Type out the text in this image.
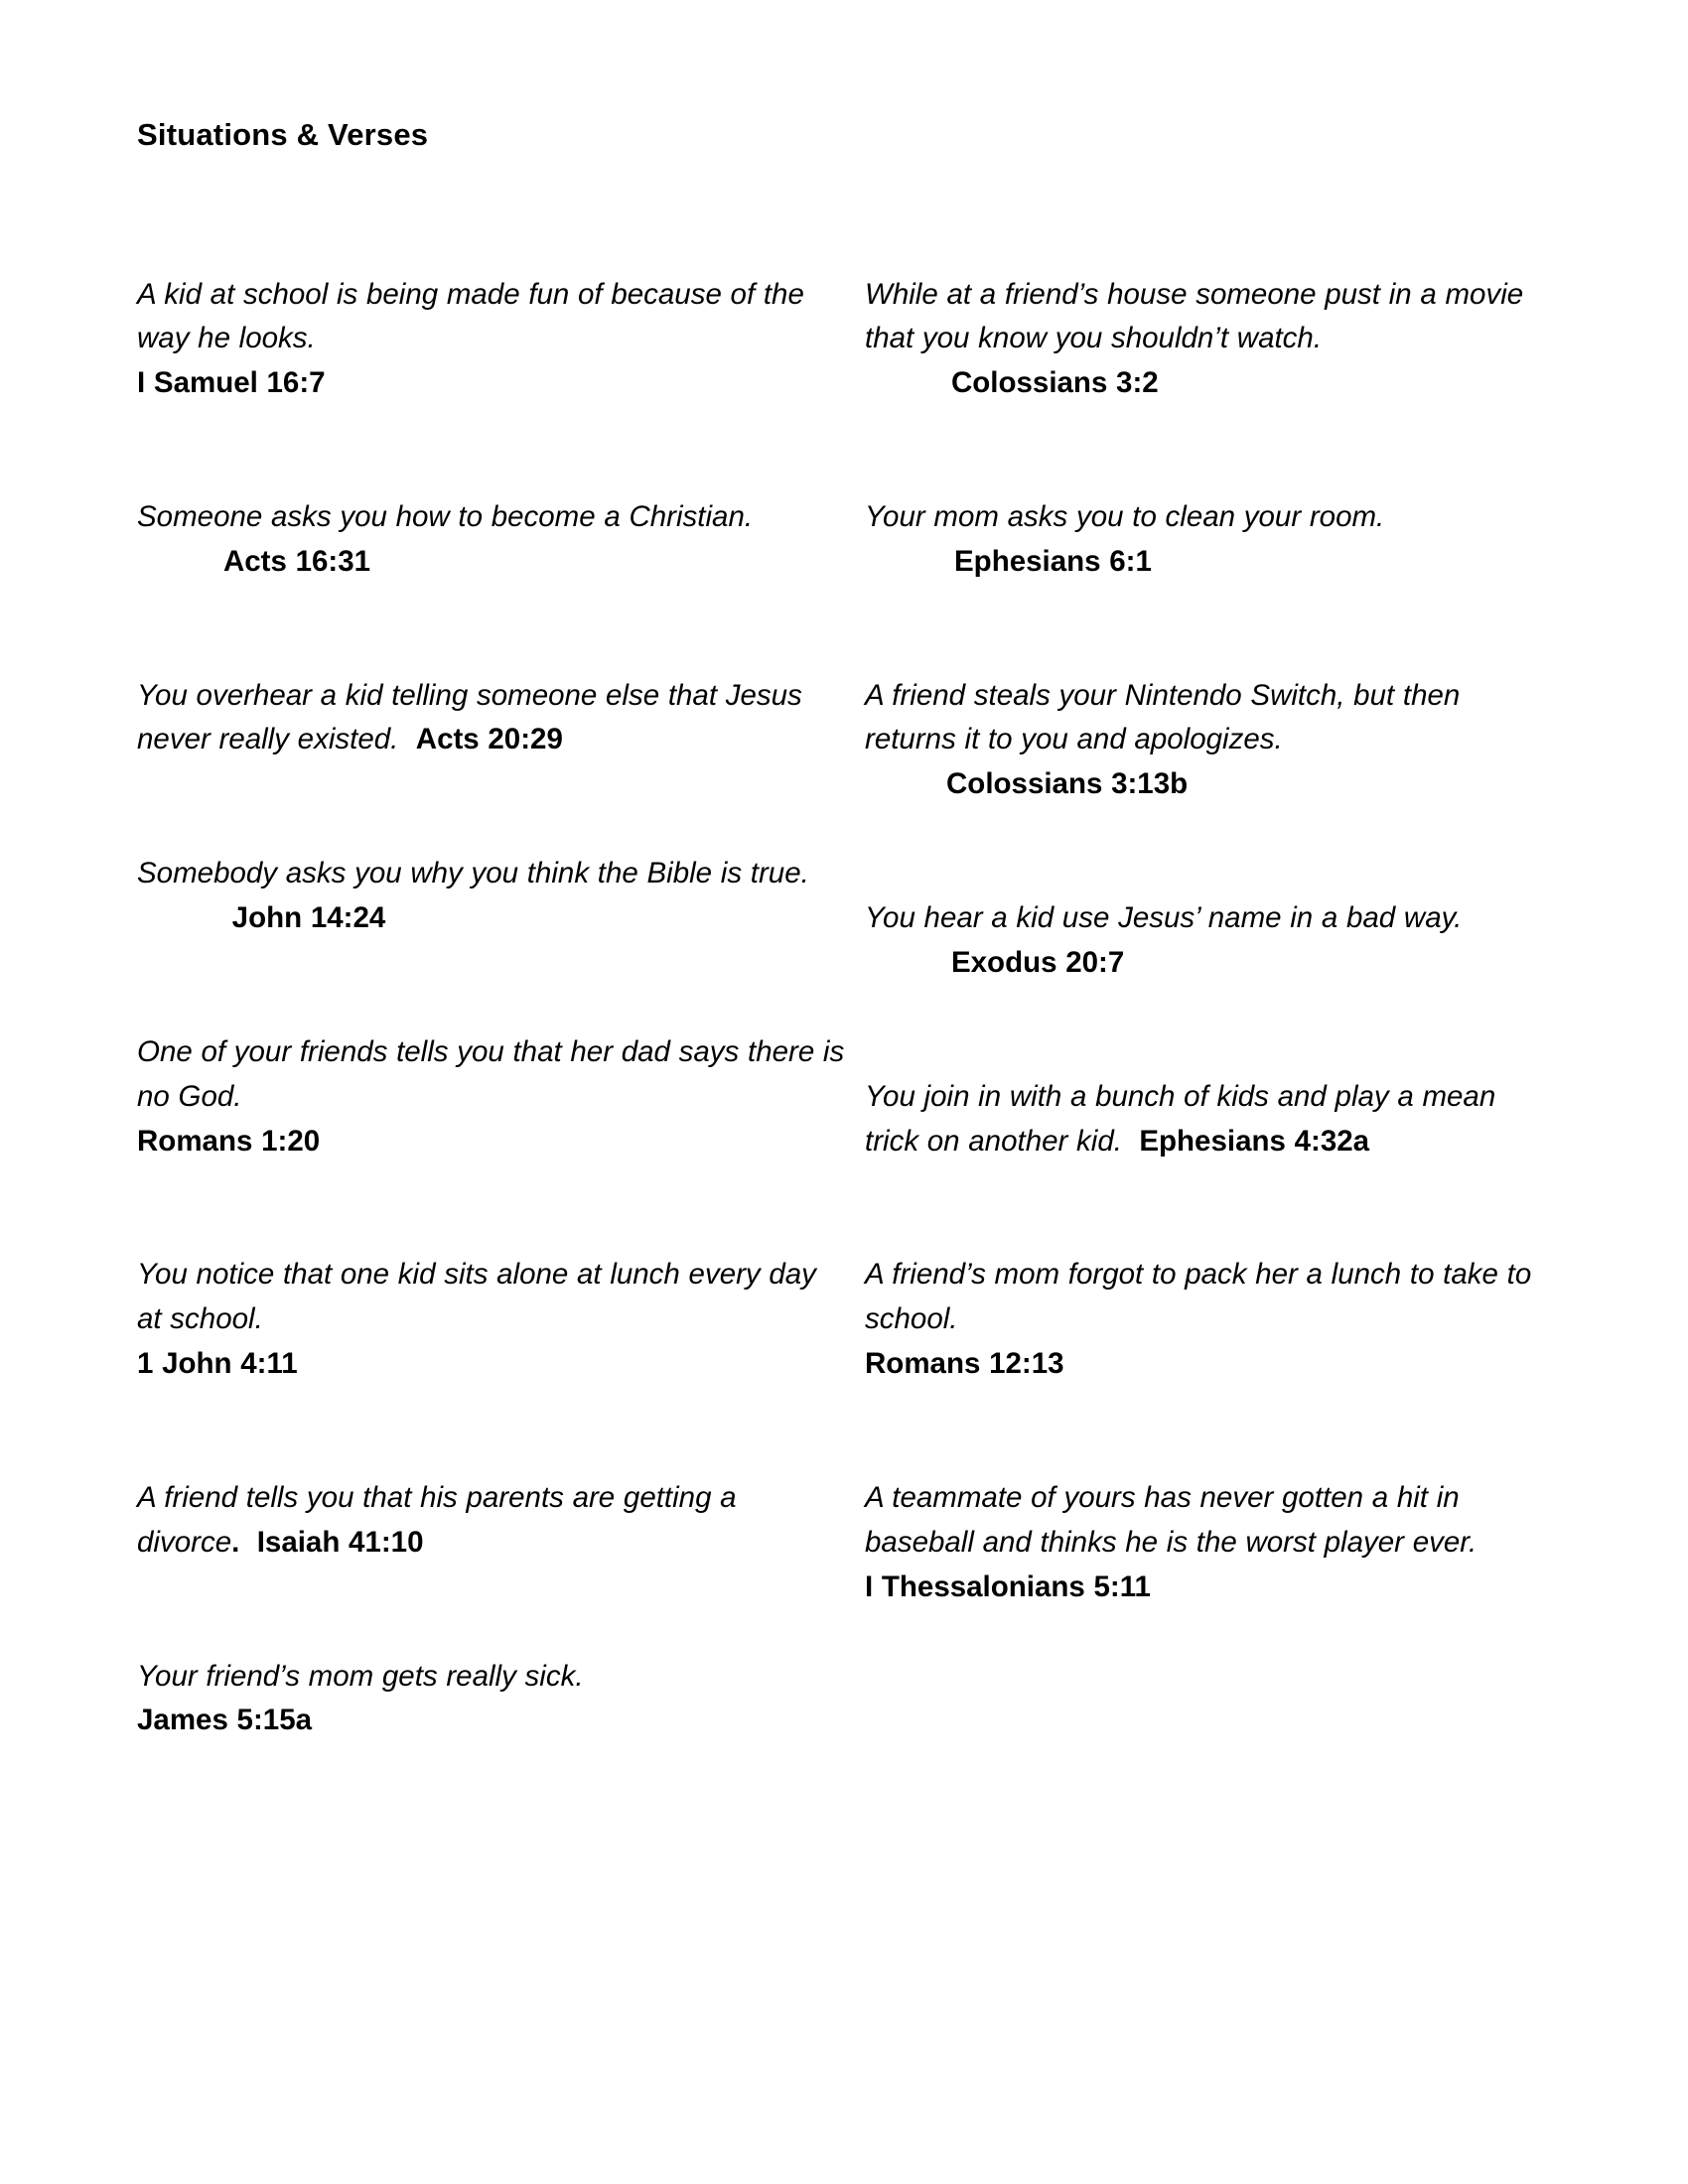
Situations & Verses

A kid at school is being made fun of because of the way he looks.
I Samuel 16:7

Someone asks you how to become a Christian.          Acts 16:31

You overhear a kid telling someone else that Jesus never really existed. Acts 20:29

Somebody asks you why you think the Bible is true.           John 14:24

One of your friends tells you that her dad says there is no God.
Romans 1:20

You notice that one kid sits alone at lunch every day at school.
1 John 4:11

A friend tells you that his parents are getting a divorce. Isaiah 41:10

Your friend’s mom gets really sick.
James 5:15a

While at a friend’s house someone pust in a movie that you know you shouldn’t watch.          Colossians 3:2

Your mom asks you to clean your room.
Ephesians 6:1

A friend steals your Nintendo Switch, but then returns it to you and apologizes.
Colossians 3:13b

You hear a kid use Jesus’ name in a bad way.          Exodus 20:7

You join in with a bunch of kids and play a mean trick on another kid. Ephesians 4:32a

A friend’s mom forgot to pack her a lunch to take to school.
Romans 12:13

A teammate of yours has never gotten a hit in baseball and thinks he is the worst player ever.
I Thessalonians 5:11
